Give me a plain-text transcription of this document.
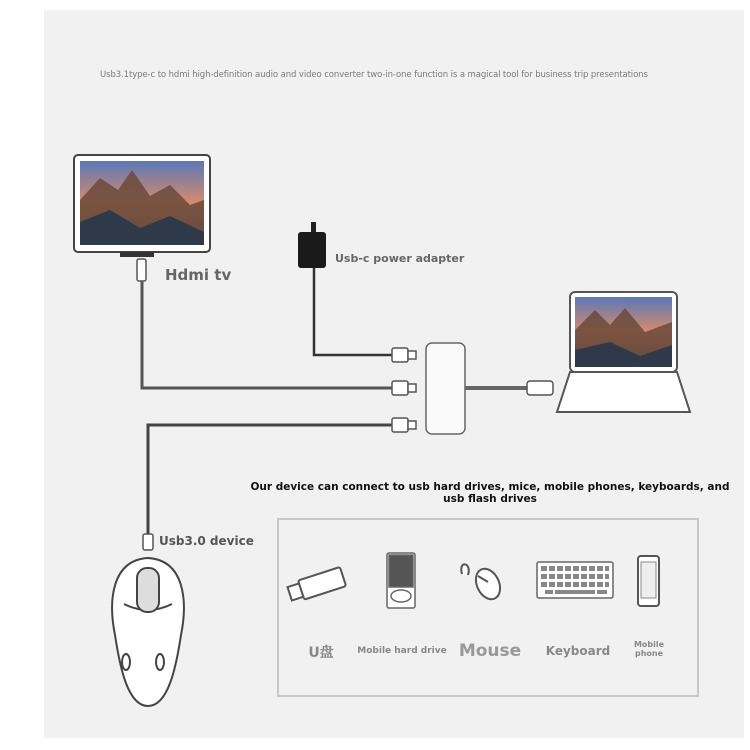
Usb3.1type-c to hdmi high-definition audio and video converter two-in-one function is a magical tool for business trip presentations
Hdmi tv
Usb-c power adapter
Usb3.0 device
Our device can connect to usb hard drives, mice, mobile phones, keyboards, and usb flash drives
U盘	Mobile hard drive Mouse	Keyboard	Mobile phone
